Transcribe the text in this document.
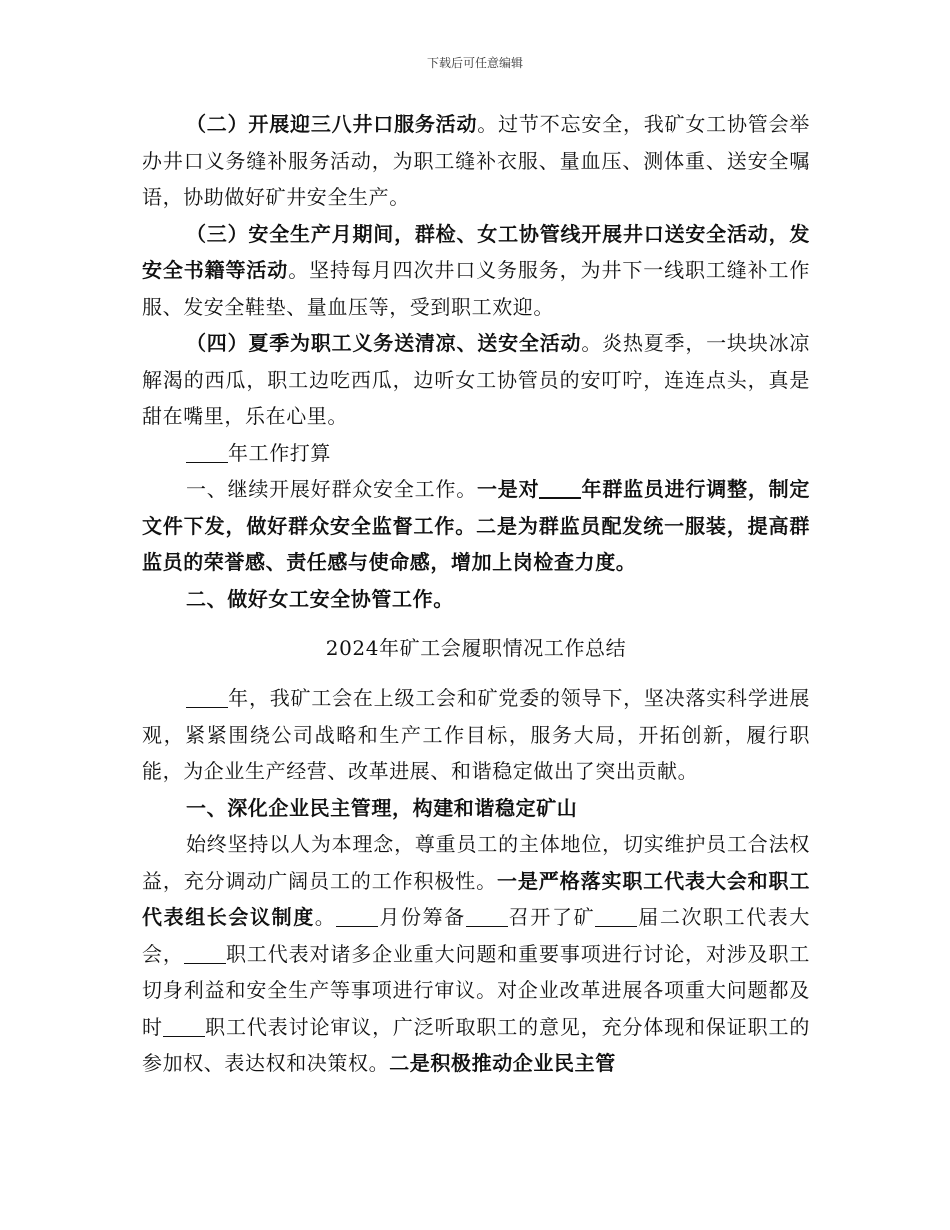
下载后可任意编辑

（二）开展迎三八井口服务活动。过节不忘安全，我矿女工协管会举办井口义务缝补服务活动，为职工缝补衣服、量血压、测体重、送安全嘱语，协助做好矿井安全生产。

（三）安全生产月期间，群检、女工协管线开展井口送安全活动，发安全书籍等活动。坚持每月四次井口义务服务，为井下一线职工缝补工作服、发安全鞋垫、量血压等，受到职工欢迎。

（四）夏季为职工义务送清凉、送安全活动。炎热夏季，一块块冰凉解渴的西瓜，职工边吃西瓜，边听女工协管员的安叮咛，连连点头，真是甜在嘴里，乐在心里。

年工作打算

一、继续开展好群众安全工作。一是对 年群监员进行调整，制定文件下发，做好群众安全监督工作。二是为群监员配发统一服装，提高群监员的荣誉感、责任感与使命感，增加上岗检查力度。

二、做好女工安全协管工作。

2024年矿工会履职情况工作总结

年，我矿工会在上级工会和矿党委的领导下，坚决落实科学进展观，紧紧围绕公司战略和生产工作目标，服务大局，开拓创新，履行职能，为企业生产经营、改革进展、和谐稳定做出了突出贡献。

一、深化企业民主管理，构建和谐稳定矿山

始终坚持以人为本理念，尊重员工的主体地位，切实维护员工合法权益，充分调动广阔员工的工作积极性。一是严格落实职工代表大会和职工代表组长会议制度。 月份筹备 召开了矿 届二次职工代表大会， 职工代表对诸多企业重大问题和重要事项进行讨论，对涉及职工切身利益和安全生产等事项进行审议。对企业改革进展各项重大问题都及时 职工代表讨论审议，广泛听取职工的意见，充分体现和保证职工的参加权、表达权和决策权。二是积极推动企业民主管
